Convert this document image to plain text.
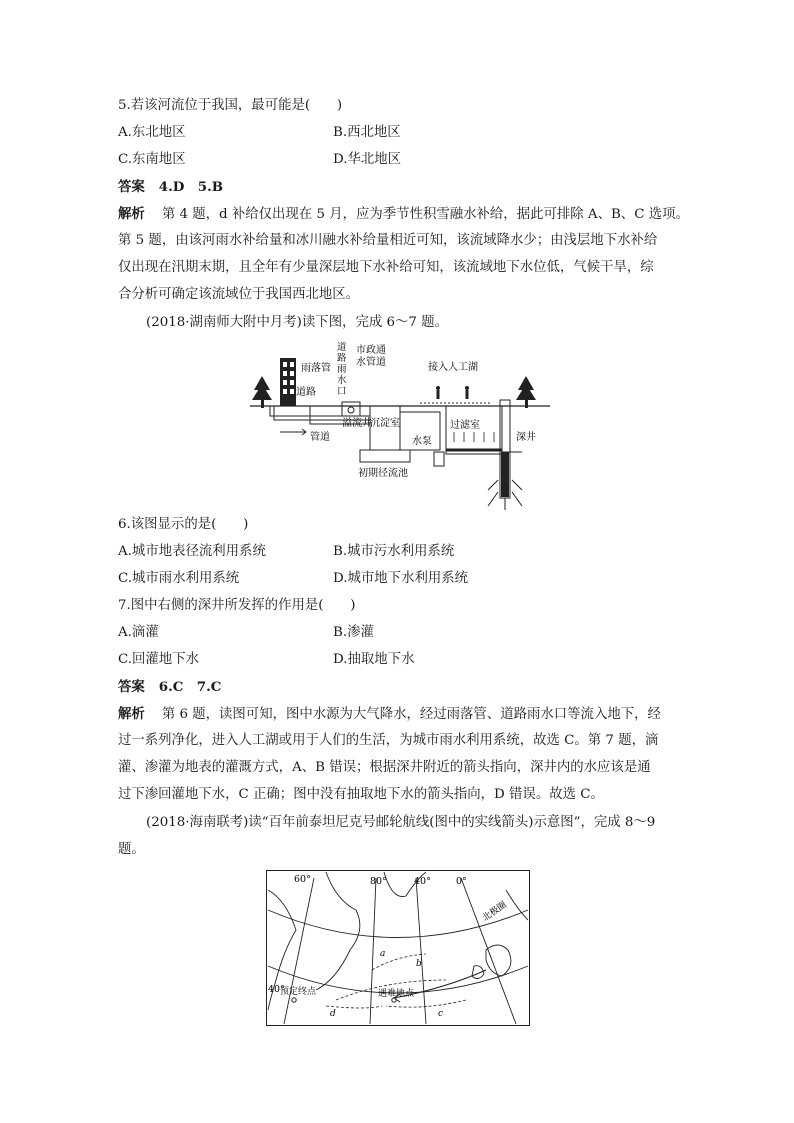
5.若该河流位于我国，最可能是(　　)
A.东北地区	B.西北地区
C.东南地区	D.华北地区
答案 4.D　5.B
解析 第 4 题，d 补给仅出现在 5 月，应为季节性积雪融水补给，据此可排除 A、B、C 选项。
第 5 题，由该河雨水补给量和冰川融水补给量相近可知，该流域降水少；由浅层地下水补给
仅出现在汛期末期，且全年有少量深层地下水补给可知，该流域地下水位低，气候干旱，综
合分析可确定该流域位于我国西北地区。
(2018·湖南师大附中月考)读下图，完成 6～7 题。
雨落管
道路
道
路
雨
水
口
市政通
水管道	接入人工湖
溢流井
管道
沉淀室
水泵
过滤室
深井
初期径流池
6.该图显示的是(　　)
A.城市地表径流利用系统	B.城市污水利用系统
C.城市雨水利用系统	D.城市地下水利用系统
7.图中右侧的深井所发挥的作用是(　　)
A.滴灌	B.渗灌
C.回灌地下水	D.抽取地下水
答案 6.C　7.C
解析 第 6 题，读图可知，图中水源为大气降水，经过雨落管、道路雨水口等流入地下，经
过一系列净化，进入人工湖或用于人们的生活，为城市雨水利用系统，故选 C。第 7 题，滴
灌、渗灌为地表的灌溉方式，A、B 错误；根据深井附近的箭头指向，深井内的水应该是通
过下渗回灌地下水，C 正确；图中没有抽取地下水的箭头指向，D 错误。故选 C。
(2018·海南联考)读“百年前泰坦尼克号邮轮航线(图中的实线箭头)示意图”，完成 8～9
题。
60°	80°	40°	0°
40°
北极圈
预定终点	遇难地点
a
b
c
d
